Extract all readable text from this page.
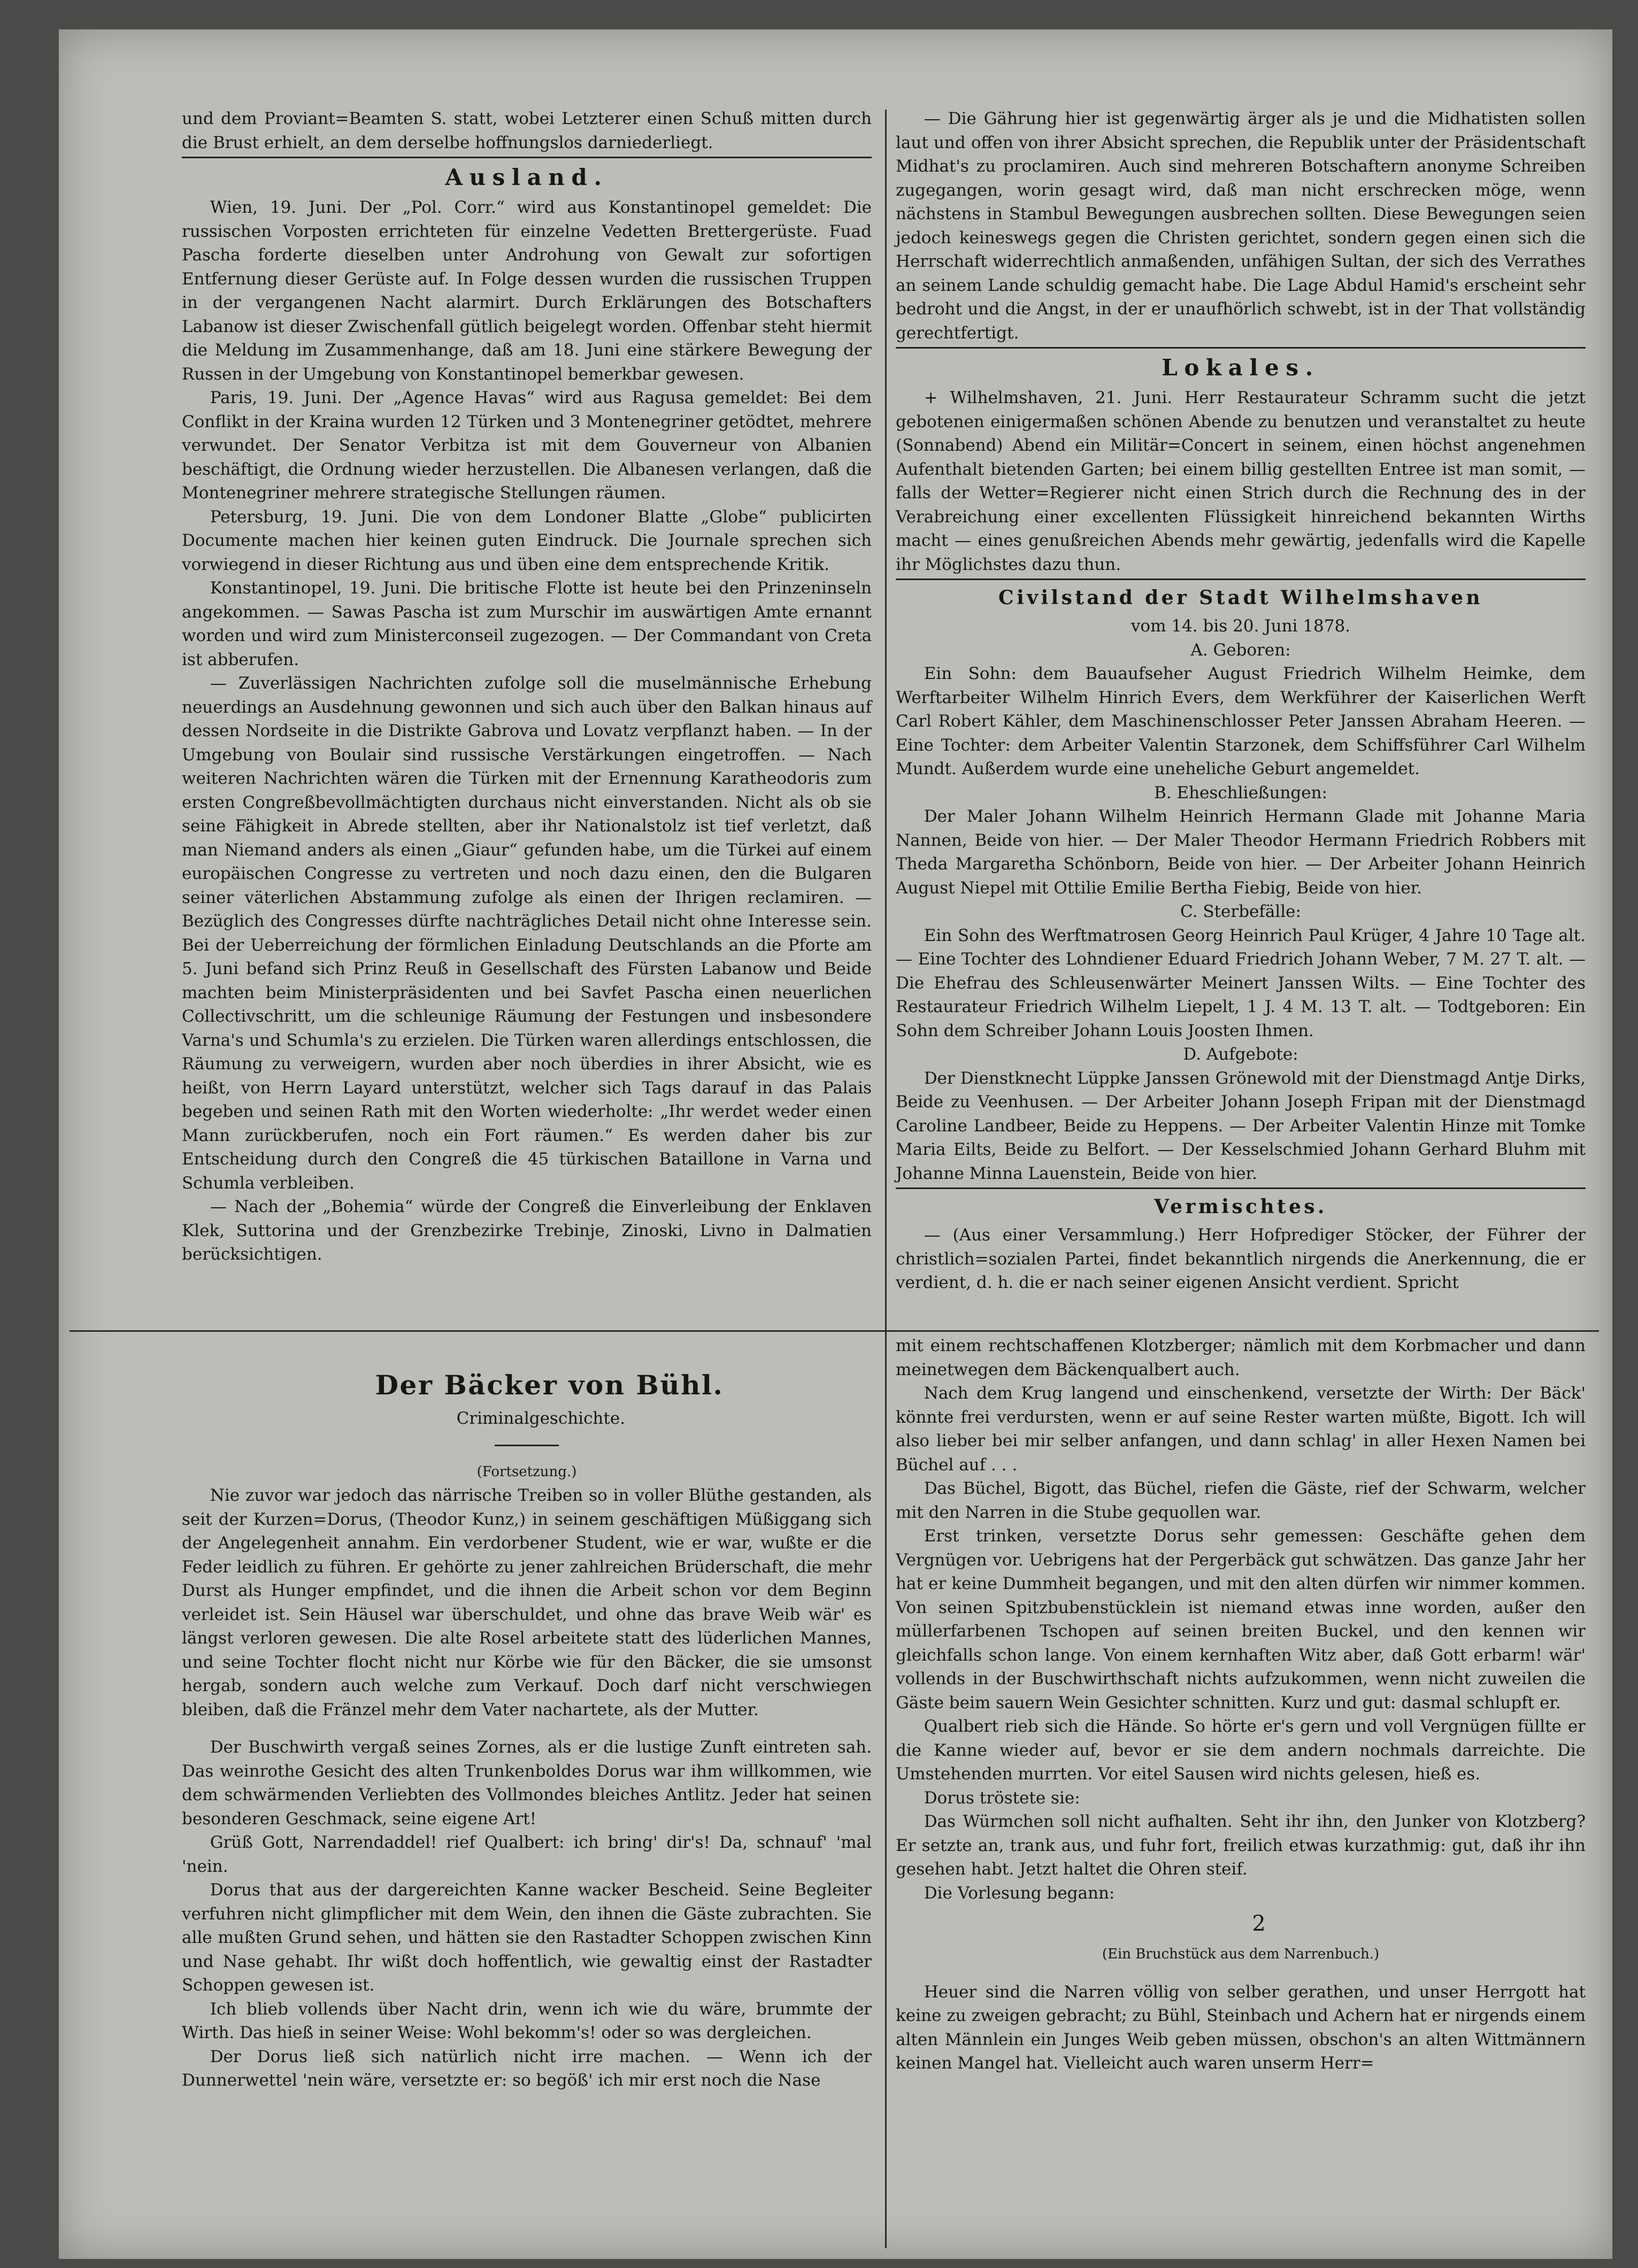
und dem Proviant=Beamten S. statt, wobei Letzterer einen Schuß mitten durch die Brust erhielt, an dem derselbe hoffnungslos darniederliegt.

Ausland.

Wien, 19. Juni. Der „Pol. Corr.“ wird aus Konstantinopel gemeldet: Die russischen Vorposten errichteten für einzelne Vedetten Brettergerüste. Fuad Pascha forderte dieselben unter Androhung von Gewalt zur sofortigen Entfernung dieser Gerüste auf. In Folge dessen wurden die russischen Truppen in der vergangenen Nacht alarmirt. Durch Erklärungen des Botschafters Labanow ist dieser Zwischenfall gütlich beigelegt worden. Offenbar steht hiermit die Meldung im Zusammenhange, daß am 18. Juni eine stärkere Bewegung der Russen in der Umgebung von Konstantinopel bemerkbar gewesen.

Paris, 19. Juni. Der „Agence Havas“ wird aus Ragusa gemeldet: Bei dem Conflikt in der Kraina wurden 12 Türken und 3 Montenegriner getödtet, mehrere verwundet. Der Senator Verbitza ist mit dem Gouverneur von Albanien beschäftigt, die Ordnung wieder herzustellen. Die Albanesen verlangen, daß die Montenegriner mehrere strategische Stellungen räumen.

Petersburg, 19. Juni. Die von dem Londoner Blatte „Globe“ publicirten Documente machen hier keinen guten Eindruck. Die Journale sprechen sich vorwiegend in dieser Richtung aus und üben eine dem entsprechende Kritik.

Konstantinopel, 19. Juni. Die britische Flotte ist heute bei den Prinzeninseln angekommen. — Sawas Pascha ist zum Murschir im auswärtigen Amte ernannt worden und wird zum Ministerconseil zugezogen. — Der Commandant von Creta ist abberufen.

— Zuverlässigen Nachrichten zufolge soll die muselmännische Erhebung neuerdings an Ausdehnung gewonnen und sich auch über den Balkan hinaus auf dessen Nordseite in die Distrikte Gabrova und Lovatz verpflanzt haben. — In der Umgebung von Boulair sind russische Verstärkungen eingetroffen. — Nach weiteren Nachrichten wären die Türken mit der Ernennung Karatheodoris zum ersten Congreßbevollmächtigten durchaus nicht einverstanden. Nicht als ob sie seine Fähigkeit in Abrede stellten, aber ihr Nationalstolz ist tief verletzt, daß man Niemand anders als einen „Giaur“ gefunden habe, um die Türkei auf einem europäischen Congresse zu vertreten und noch dazu einen, den die Bulgaren seiner väterlichen Abstammung zufolge als einen der Ihrigen reclamiren. — Bezüglich des Congresses dürfte nachträgliches Detail nicht ohne Interesse sein. Bei der Ueberreichung der förmlichen Einladung Deutschlands an die Pforte am 5. Juni befand sich Prinz Reuß in Gesellschaft des Fürsten Labanow und Beide machten beim Ministerpräsidenten und bei Savfet Pascha einen neuerlichen Collectivschritt, um die schleunige Räumung der Festungen und insbesondere Varna's und Schumla's zu erzielen. Die Türken waren allerdings entschlossen, die Räumung zu verweigern, wurden aber noch überdies in ihrer Absicht, wie es heißt, von Herrn Layard unterstützt, welcher sich Tags darauf in das Palais begeben und seinen Rath mit den Worten wiederholte: „Ihr werdet weder einen Mann zurückberufen, noch ein Fort räumen.“ Es werden daher bis zur Entscheidung durch den Congreß die 45 türkischen Bataillone in Varna und Schumla verbleiben.

— Nach der „Bohemia“ würde der Congreß die Einverleibung der Enklaven Klek, Suttorina und der Grenzbezirke Trebinje, Zinoski, Livno in Dalmatien berücksichtigen.

— Die Gährung hier ist gegenwärtig ärger als je und die Midhatisten sollen laut und offen von ihrer Absicht sprechen, die Republik unter der Präsidentschaft Midhat's zu proclamiren. Auch sind mehreren Botschaftern anonyme Schreiben zugegangen, worin gesagt wird, daß man nicht erschrecken möge, wenn nächstens in Stambul Bewegungen ausbrechen sollten. Diese Bewegungen seien jedoch keineswegs gegen die Christen gerichtet, sondern gegen einen sich die Herrschaft widerrechtlich anmaßenden, unfähigen Sultan, der sich des Verrathes an seinem Lande schuldig gemacht habe. Die Lage Abdul Hamid's erscheint sehr bedroht und die Angst, in der er unaufhörlich schwebt, ist in der That vollständig gerechtfertigt.

Lokales.

+ Wilhelmshaven, 21. Juni. Herr Restaurateur Schramm sucht die jetzt gebotenen einigermaßen schönen Abende zu benutzen und veranstaltet zu heute (Sonnabend) Abend ein Militär=Concert in seinem, einen höchst angenehmen Aufenthalt bietenden Garten; bei einem billig gestellten Entree ist man somit, — falls der Wetter=Regierer nicht einen Strich durch die Rechnung des in der Verabreichung einer excellenten Flüssigkeit hinreichend bekannten Wirths macht — eines genußreichen Abends mehr gewärtig, jedenfalls wird die Kapelle ihr Möglichstes dazu thun.

Civilstand der Stadt Wilhelmshaven

vom 14. bis 20. Juni 1878.

A. Geboren:

Ein Sohn: dem Bauaufseher August Friedrich Wilhelm Heimke, dem Werftarbeiter Wilhelm Hinrich Evers, dem Werkführer der Kaiserlichen Werft Carl Robert Kähler, dem Maschinenschlosser Peter Janssen Abraham Heeren. — Eine Tochter: dem Arbeiter Valentin Starzonek, dem Schiffsführer Carl Wilhelm Mundt. Außerdem wurde eine uneheliche Geburt angemeldet.

B. Eheschließungen:

Der Maler Johann Wilhelm Heinrich Hermann Glade mit Johanne Maria Nannen, Beide von hier. — Der Maler Theodor Hermann Friedrich Robbers mit Theda Margaretha Schönborn, Beide von hier. — Der Arbeiter Johann Heinrich August Niepel mit Ottilie Emilie Bertha Fiebig, Beide von hier.

C. Sterbefälle:

Ein Sohn des Werftmatrosen Georg Heinrich Paul Krüger, 4 Jahre 10 Tage alt. — Eine Tochter des Lohndiener Eduard Friedrich Johann Weber, 7 M. 27 T. alt. — Die Ehefrau des Schleusenwärter Meinert Janssen Wilts. — Eine Tochter des Restaurateur Friedrich Wilhelm Liepelt, 1 J. 4 M. 13 T. alt. — Todtgeboren: Ein Sohn dem Schreiber Johann Louis Joosten Ihmen.

D. Aufgebote:

Der Dienstknecht Lüppke Janssen Grönewold mit der Dienstmagd Antje Dirks, Beide zu Veenhusen. — Der Arbeiter Johann Joseph Fripan mit der Dienstmagd Caroline Landbeer, Beide zu Heppens. — Der Arbeiter Valentin Hinze mit Tomke Maria Eilts, Beide zu Belfort. — Der Kesselschmied Johann Gerhard Bluhm mit Johanne Minna Lauenstein, Beide von hier.

Vermischtes.

— (Aus einer Versammlung.) Herr Hofprediger Stöcker, der Führer der christlich=sozialen Partei, findet bekanntlich nirgends die Anerkennung, die er verdient, d. h. die er nach seiner eigenen Ansicht verdient. Spricht

Der Bäcker von Bühl.

Criminalgeschichte.

(Fortsetzung.)

Nie zuvor war jedoch das närrische Treiben so in voller Blüthe gestanden, als seit der Kurzen=Dorus, (Theodor Kunz,) in seinem geschäftigen Müßiggang sich der Angelegenheit annahm. Ein verdorbener Student, wie er war, wußte er die Feder leidlich zu führen. Er gehörte zu jener zahlreichen Brüderschaft, die mehr Durst als Hunger empfindet, und die ihnen die Arbeit schon vor dem Beginn verleidet ist. Sein Häusel war überschuldet, und ohne das brave Weib wär' es längst verloren gewesen. Die alte Rosel arbeitete statt des lüderlichen Mannes, und seine Tochter flocht nicht nur Körbe wie für den Bäcker, die sie umsonst hergab, sondern auch welche zum Verkauf. Doch darf nicht verschwiegen bleiben, daß die Fränzel mehr dem Vater nachartete, als der Mutter.

Der Buschwirth vergaß seines Zornes, als er die lustige Zunft eintreten sah. Das weinrothe Gesicht des alten Trunkenboldes Dorus war ihm willkommen, wie dem schwärmenden Verliebten des Vollmondes bleiches Antlitz. Jeder hat seinen besonderen Geschmack, seine eigene Art!

Grüß Gott, Narrendaddel! rief Qualbert: ich bring' dir's! Da, schnauf' 'mal 'nein.

Dorus that aus der dargereichten Kanne wacker Bescheid. Seine Begleiter verfuhren nicht glimpflicher mit dem Wein, den ihnen die Gäste zubrachten. Sie alle mußten Grund sehen, und hätten sie den Rastadter Schoppen zwischen Kinn und Nase gehabt. Ihr wißt doch hoffentlich, wie gewaltig einst der Rastadter Schoppen gewesen ist.

Ich blieb vollends über Nacht drin, wenn ich wie du wäre, brummte der Wirth. Das hieß in seiner Weise: Wohl bekomm's! oder so was dergleichen.

Der Dorus ließ sich natürlich nicht irre machen. — Wenn ich der Dunnerwettel 'nein wäre, versetzte er: so begöß' ich mir erst noch die Nase

mit einem rechtschaffenen Klotzberger; nämlich mit dem Korbmacher und dann meinetwegen dem Bäckenqualbert auch.

Nach dem Krug langend und einschenkend, versetzte der Wirth: Der Bäck' könnte frei verdursten, wenn er auf seine Rester warten müßte, Bigott. Ich will also lieber bei mir selber anfangen, und dann schlag' in aller Hexen Namen bei Büchel auf . . .

Das Büchel, Bigott, das Büchel, riefen die Gäste, rief der Schwarm, welcher mit den Narren in die Stube gequollen war.

Erst trinken, versetzte Dorus sehr gemessen: Geschäfte gehen dem Vergnügen vor. Uebrigens hat der Pergerbäck gut schwätzen. Das ganze Jahr her hat er keine Dummheit begangen, und mit den alten dürfen wir nimmer kommen. Von seinen Spitzbubenstücklein ist niemand etwas inne worden, außer den müllerfarbenen Tschopen auf seinen breiten Buckel, und den kennen wir gleichfalls schon lange. Von einem kernhaften Witz aber, daß Gott erbarm! wär' vollends in der Buschwirthschaft nichts aufzukommen, wenn nicht zuweilen die Gäste beim sauern Wein Gesichter schnitten. Kurz und gut: dasmal schlupft er.

Qualbert rieb sich die Hände. So hörte er's gern und voll Vergnügen füllte er die Kanne wieder auf, bevor er sie dem andern nochmals darreichte. Die Umstehenden murrten. Vor eitel Sausen wird nichts gelesen, hieß es.

Dorus tröstete sie:

Das Würmchen soll nicht aufhalten. Seht ihr ihn, den Junker von Klotzberg? Er setzte an, trank aus, und fuhr fort, freilich etwas kurzathmig: gut, daß ihr ihn gesehen habt. Jetzt haltet die Ohren steif.

Die Vorlesung begann:

2

(Ein Bruchstück aus dem Narrenbuch.)

Heuer sind die Narren völlig von selber gerathen, und unser Herrgott hat keine zu zweigen gebracht; zu Bühl, Steinbach und Achern hat er nirgends einem alten Männlein ein Junges Weib geben müssen, obschon's an alten Wittmännern keinen Mangel hat. Vielleicht auch waren unserm Herr=
